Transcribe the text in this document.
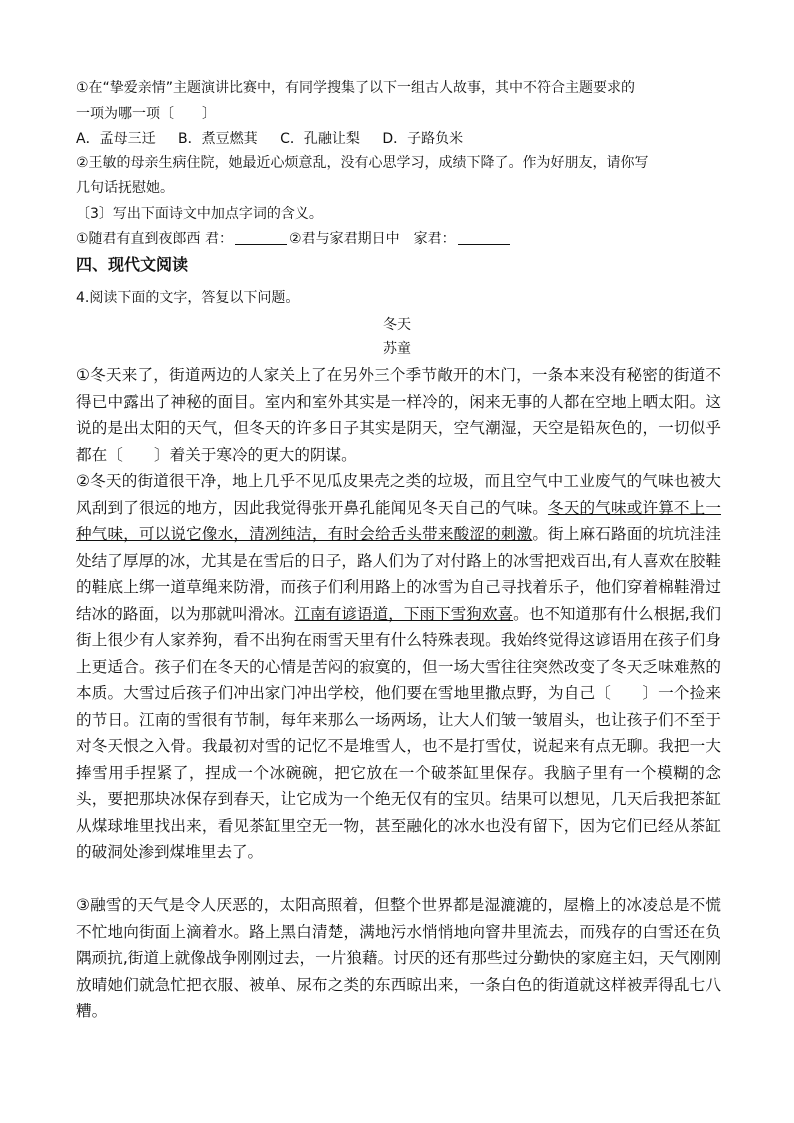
①在“挚爱亲情”主题演讲比赛中，有同学搜集了以下一组古人故事，其中不符合主题要求的
一项为哪一项〔　　〕
A．孟母三迁 B．煮豆燃萁 C．孔融让梨 D．子路负米
②王敏的母亲生病住院，她最近心烦意乱，没有心思学习，成绩下降了。作为好朋友，请你写
几句话抚慰她。
〔3〕写出下面诗文中加点字词的含义。
①随君有直到夜郎西 君：	②君与家君期日中　家君：
四、现代文阅读
4.阅读下面的文字，答复以下问题。
冬天
苏童
①冬天来了，街道两边的人家关上了在另外三个季节敞开的木门，一条本来没有秘密的街道不得已中露出了神秘的面目。室内和室外其实是一样冷的，闲来无事的人都在空地上晒太阳。这说的是出太阳的天气，但冬天的许多日子其实是阴天，空气潮湿，天空是铅灰色的，一切似乎都在〔　　〕着关于寒冷的更大的阴谋。
②冬天的街道很干净，地上几乎不见瓜皮果壳之类的垃圾，而且空气中工业废气的气味也被大风刮到了很远的地方，因此我觉得张开鼻孔能闻见冬天自己的气味。冬天的气味或许算不上一种气味，可以说它像水，清冽纯洁，有时会给舌头带来酸涩的刺激。街上麻石路面的坑坑洼洼处结了厚厚的冰，尤其是在雪后的日子，路人们为了对付路上的冰雪把戏百出,有人喜欢在胶鞋的鞋底上绑一道草绳来防滑，而孩子们利用路上的冰雪为自己寻找着乐子，他们穿着棉鞋滑过结冰的路面，以为那就叫滑冰。江南有谚语道，下雨下雪狗欢喜。也不知道那有什么根据,我们街上很少有人家养狗，看不出狗在雨雪天里有什么特殊表现。我始终觉得这谚语用在孩子们身上更适合。孩子们在冬天的心情是苦闷的寂寞的，但一场大雪往往突然改变了冬天乏味难熬的本质。大雪过后孩子们冲出家门冲出学校，他们要在雪地里撒点野，为自己〔　　〕一个捡来的节日。江南的雪很有节制，每年来那么一场两场，让大人们皱一皱眉头，也让孩子们不至于对冬天恨之入骨。我最初对雪的记忆不是堆雪人，也不是打雪仗，说起来有点无聊。我把一大捧雪用手捏紧了，捏成一个冰碗碗，把它放在一个破茶缸里保存。我脑子里有一个模糊的念头，要把那块冰保存到春天，让它成为一个绝无仅有的宝贝。结果可以想见，几天后我把茶缸从煤球堆里找出来，看见茶缸里空无一物，甚至融化的冰水也没有留下，因为它们已经从茶缸的破洞处渗到煤堆里去了。
③融雪的天气是令人厌恶的，太阳高照着，但整个世界都是湿漉漉的，屋檐上的冰凌总是不慌不忙地向街面上滴着水。路上黑白清楚，满地污水悄悄地向窨井里流去，而残存的白雪还在负隅顽抗,街道上就像战争刚刚过去，一片狼藉。讨厌的还有那些过分勤快的家庭主妇，天气刚刚放晴她们就急忙把衣服、被单、尿布之类的东西晾出来，一条白色的街道就这样被弄得乱七八糟。
